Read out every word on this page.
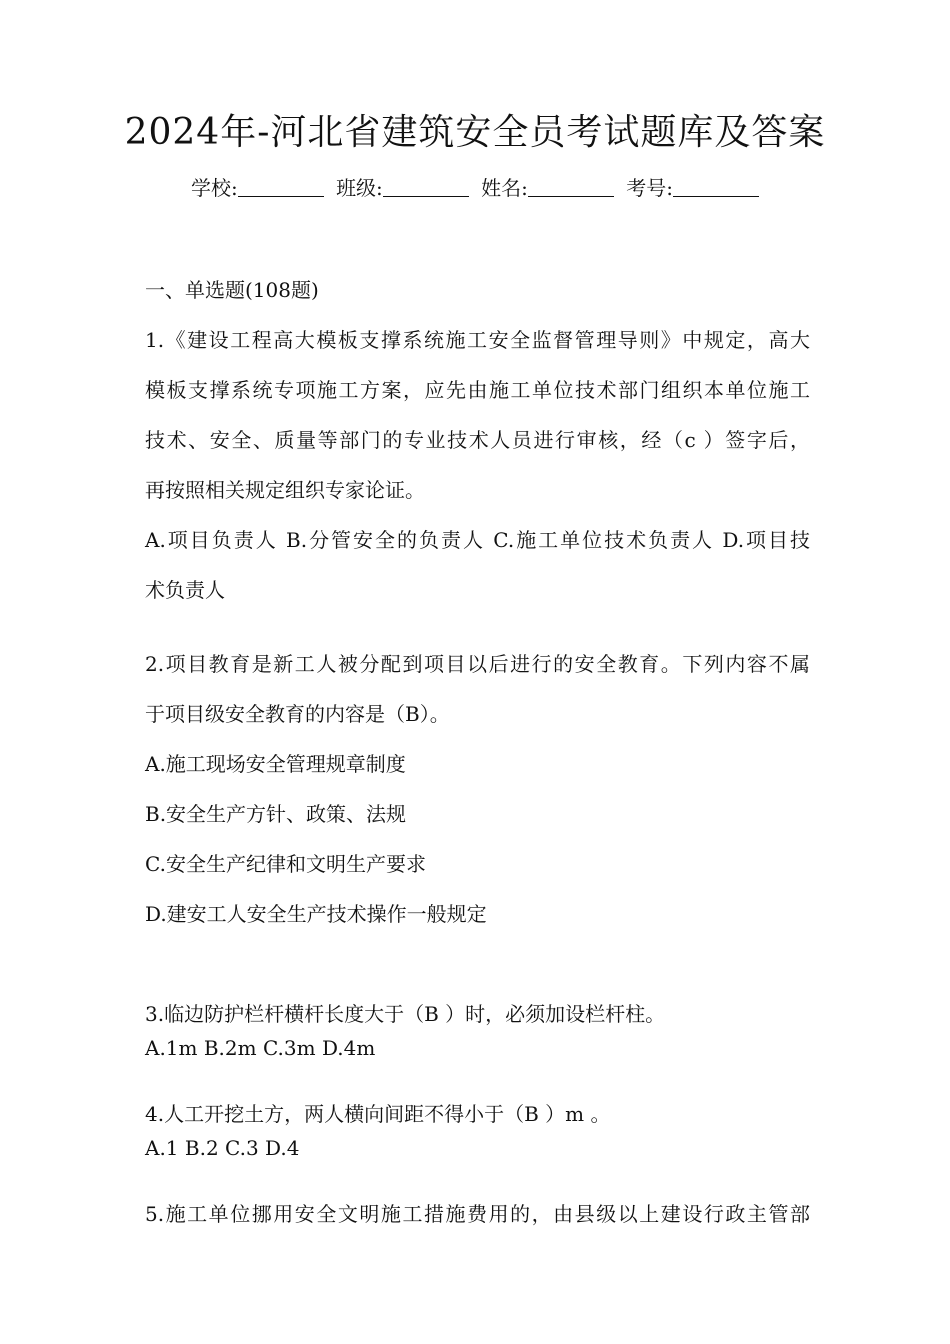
2024年-河北省建筑安全员考试题库及答案
学校:	班级:	姓名:	考号:
一、单选题(108题)
1.《建设工程高大模板支撑系统施工安全监督管理导则》中规定，高大
模板支撑系统专项施工方案，应先由施工单位技术部门组织本单位施工
技术、安全、质量等部门的专业技术人员进行审核，经（c ）签字后，
再按照相关规定组织专家论证。
A.项目负责人 B.分管安全的负责人 C.施工单位技术负责人 D.项目技
术负责人
2.项目教育是新工人被分配到项目以后进行的安全教育。下列内容不属
于项目级安全教育的内容是（B）。
A.施工现场安全管理规章制度
B.安全生产方针、政策、法规
C.安全生产纪律和文明生产要求
D.建安工人安全生产技术操作一般规定
3.临边防护栏杆横杆长度大于（B ）时，必须加设栏杆柱。
A.1m B.2m C.3m D.4m
4.人工开挖土方，两人横向间距不得小于（B ）m 。
A.1 B.2 C.3 D.4
5.施工单位挪用安全文明施工措施费用的，由县级以上建设行政主管部
